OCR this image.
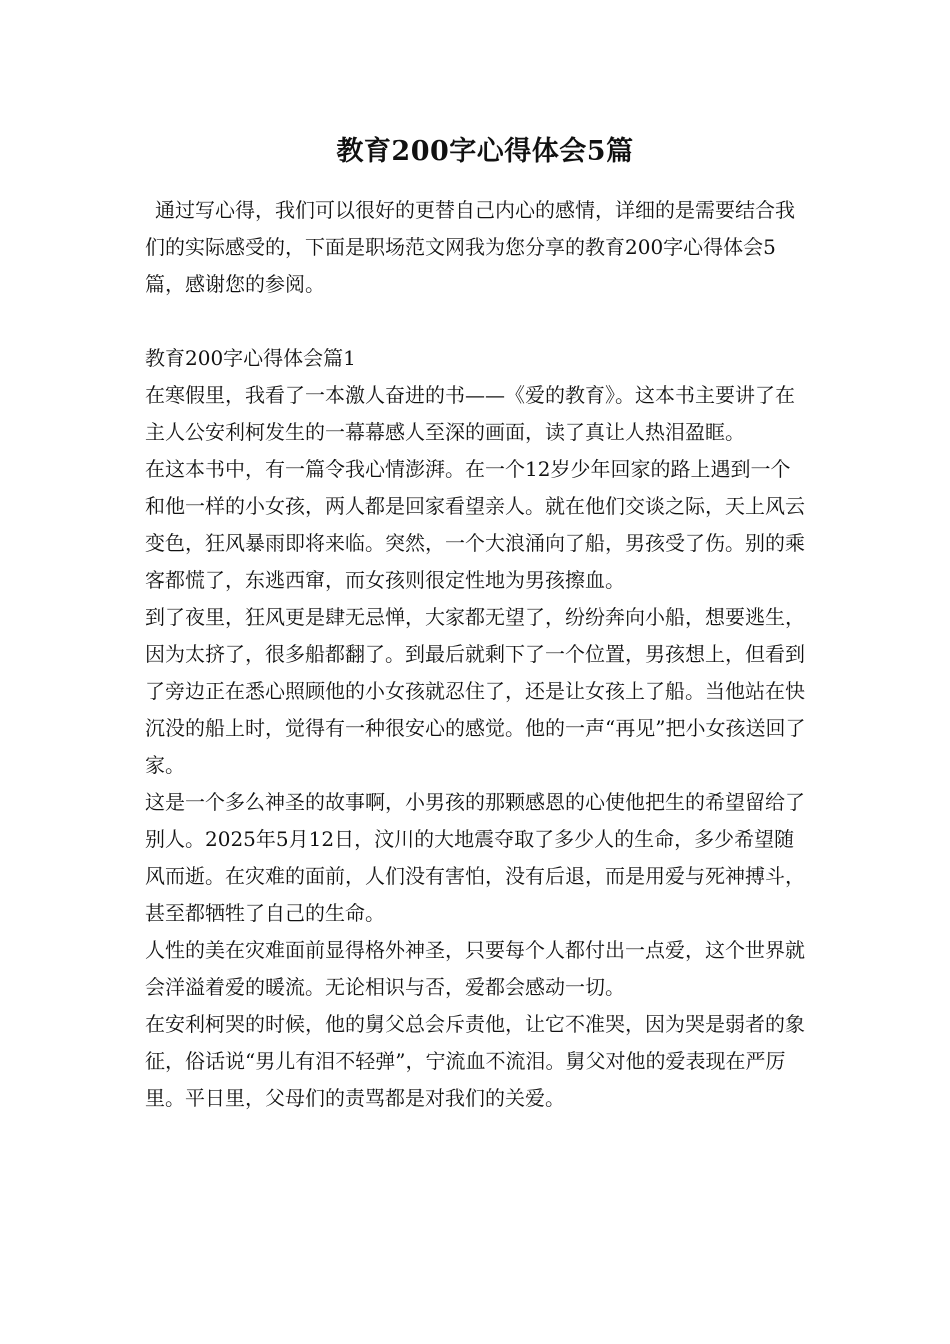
教育200字心得体会5篇

通过写心得，我们可以很好的更替自己内心的感情，详细的是需要结合我们的实际感受的，下面是职场范文网我为您分享的教育200字心得体会5篇，感谢您的参阅。

教育200字心得体会篇1

在寒假里，我看了一本激人奋进的书——《爱的教育》。这本书主要讲了在主人公安利柯发生的一幕幕感人至深的画面，读了真让人热泪盈眶。

在这本书中，有一篇令我心情澎湃。在一个12岁少年回家的路上遇到一个和他一样的小女孩，两人都是回家看望亲人。就在他们交谈之际，天上风云变色，狂风暴雨即将来临。突然，一个大浪涌向了船，男孩受了伤。别的乘客都慌了，东逃西窜，而女孩则很定性地为男孩擦血。

到了夜里，狂风更是肆无忌惮，大家都无望了，纷纷奔向小船，想要逃生，因为太挤了，很多船都翻了。到最后就剩下了一个位置，男孩想上，但看到了旁边正在悉心照顾他的小女孩就忍住了，还是让女孩上了船。当他站在快沉没的船上时，觉得有一种很安心的感觉。他的一声“再见”把小女孩送回了家。

这是一个多么神圣的故事啊，小男孩的那颗感恩的心使他把生的希望留给了别人。2025年5月12日，汶川的大地震夺取了多少人的生命，多少希望随风而逝。在灾难的面前，人们没有害怕，没有后退，而是用爱与死神搏斗，甚至都牺牲了自己的生命。

人性的美在灾难面前显得格外神圣，只要每个人都付出一点爱，这个世界就会洋溢着爱的暖流。无论相识与否，爱都会感动一切。

在安利柯哭的时候，他的舅父总会斥责他，让它不准哭，因为哭是弱者的象征，俗话说“男儿有泪不轻弹”，宁流血不流泪。舅父对他的爱表现在严厉里。平日里，父母们的责骂都是对我们的关爱。
